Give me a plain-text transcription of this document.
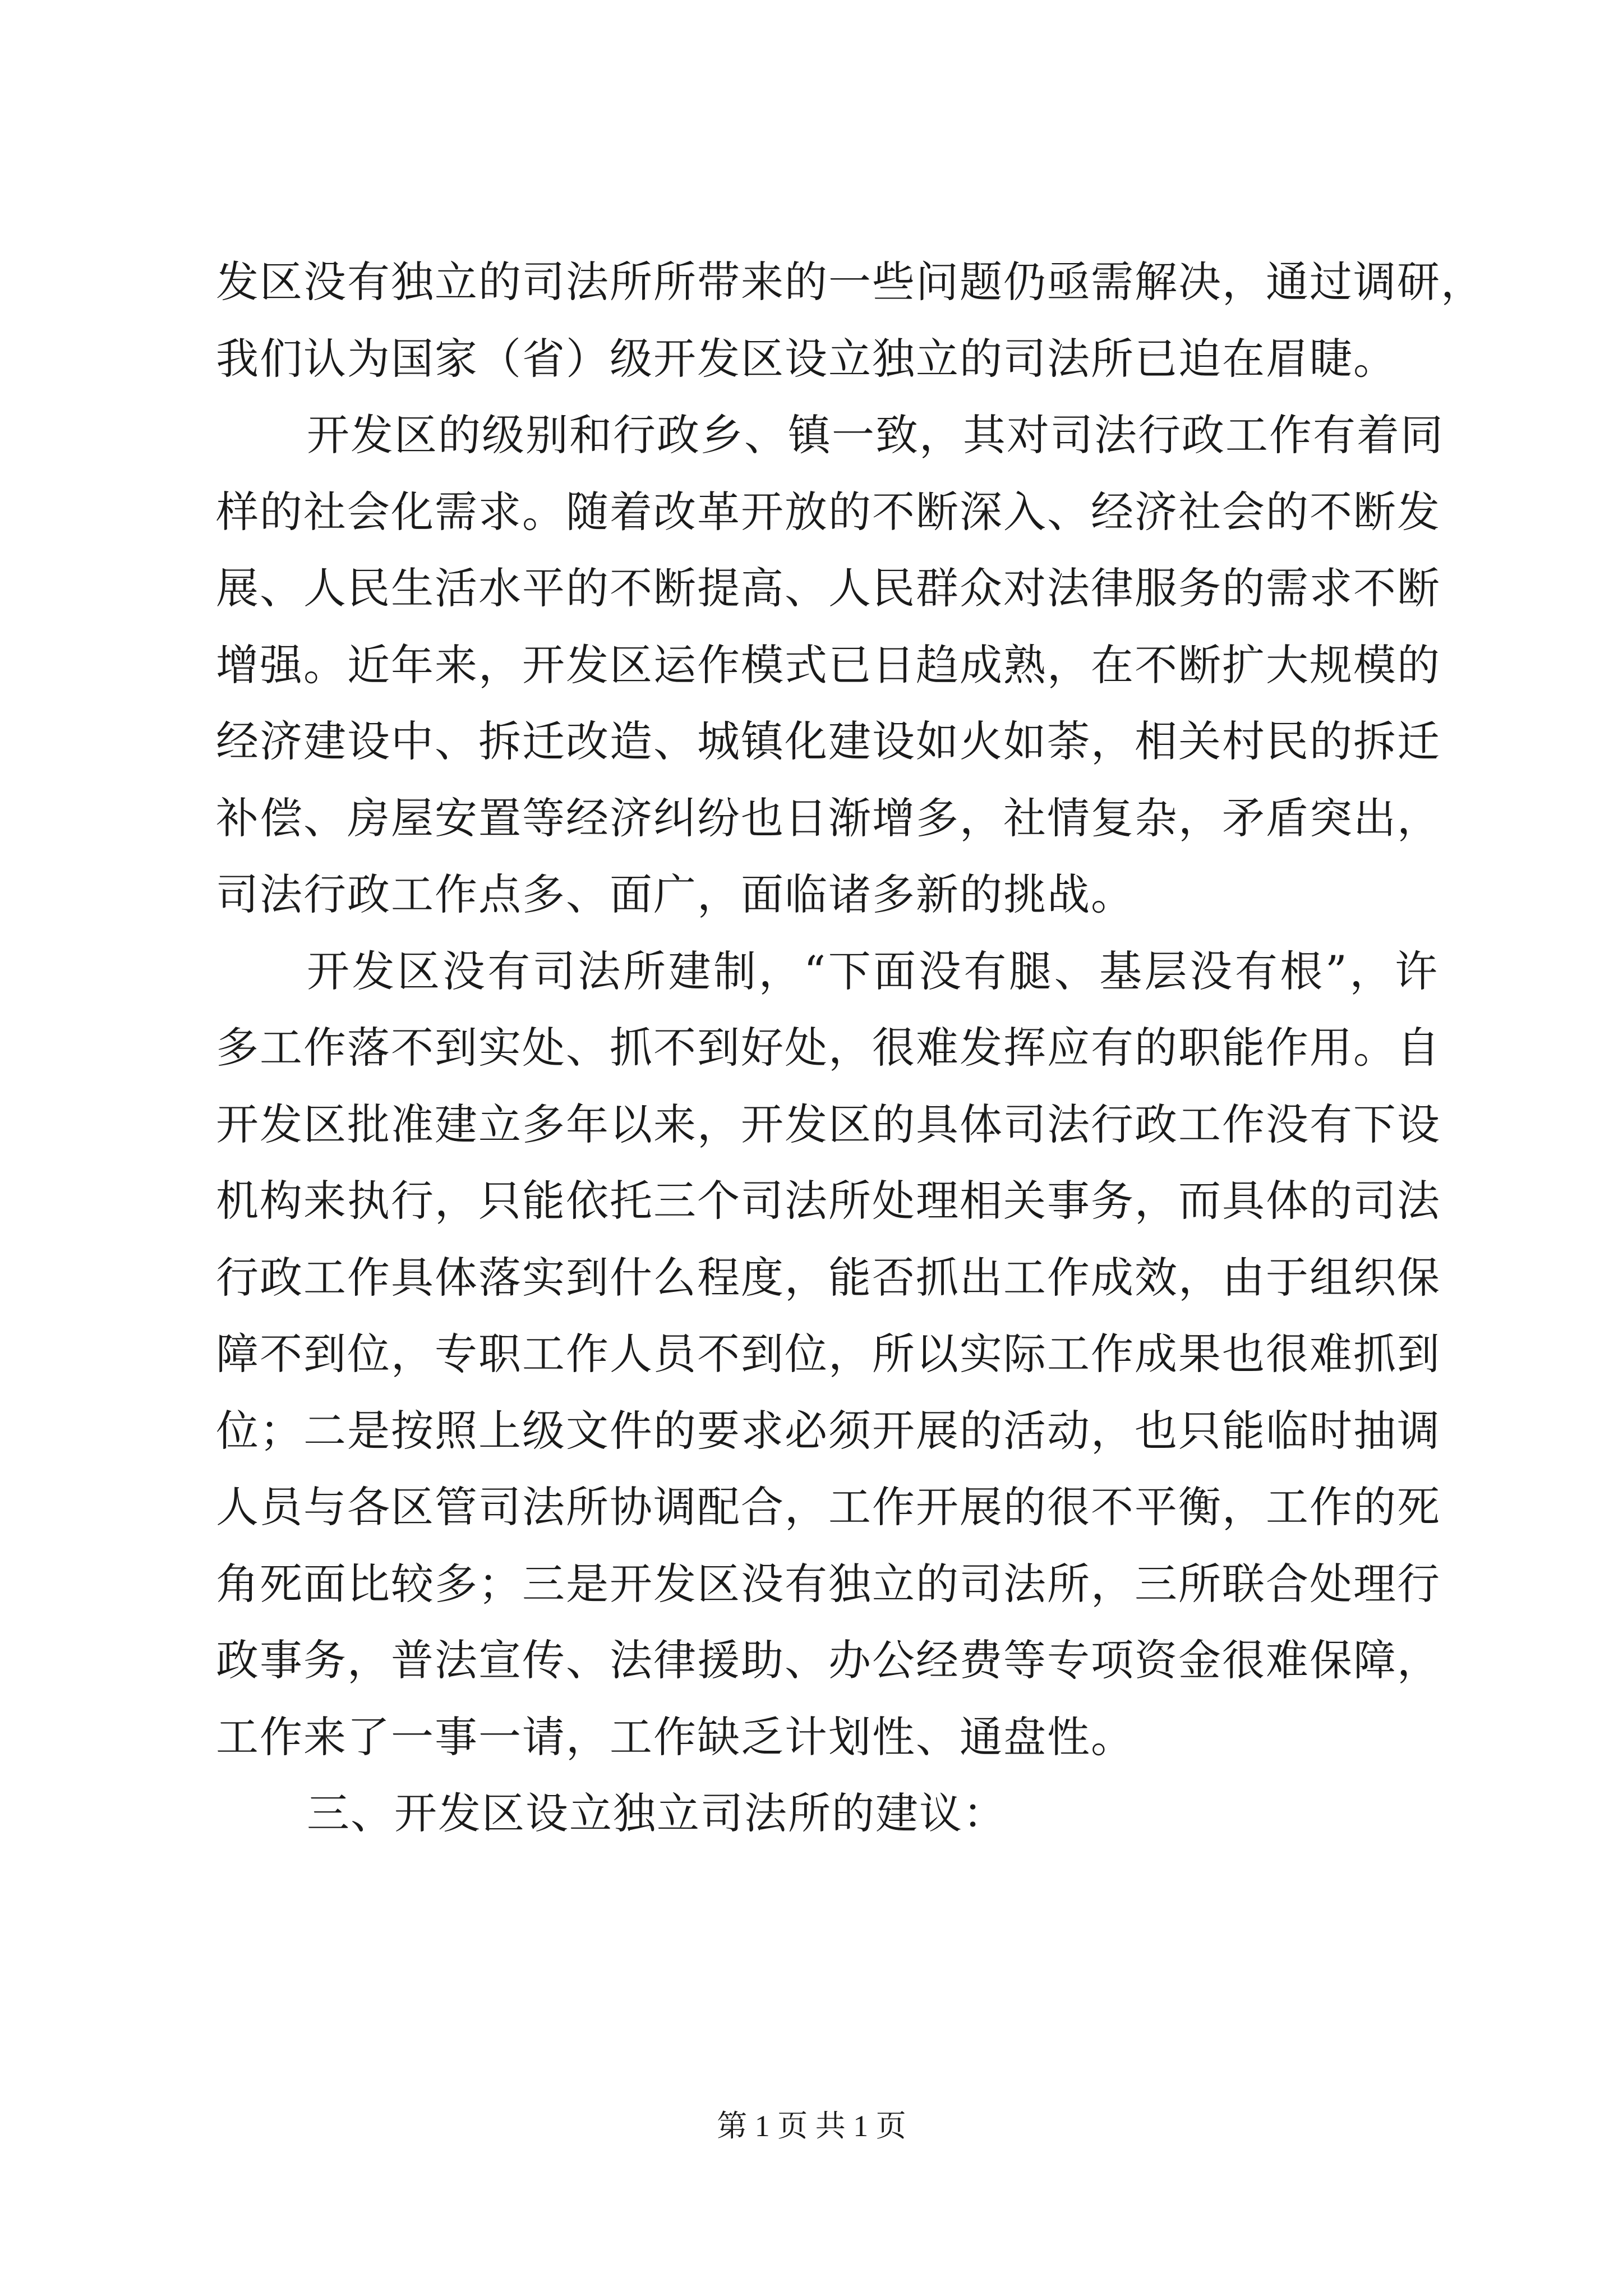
发区没有独立的司法所所带来的一些问题仍亟需解决，通过调研，
我们认为国家（省）级开发区设立独立的司法所已迫在眉睫。
开发区的级别和行政乡、镇一致，其对司法行政工作有着同
样的社会化需求。随着改革开放的不断深入、经济社会的不断发
展、人民生活水平的不断提高、人民群众对法律服务的需求不断
增强。近年来，开发区运作模式已日趋成熟，在不断扩大规模的
经济建设中、拆迁改造、城镇化建设如火如荼，相关村民的拆迁
补偿、房屋安置等经济纠纷也日渐增多，社情复杂，矛盾突出，
司法行政工作点多、面广，面临诸多新的挑战。
开发区没有司法所建制，“下面没有腿、基层没有根”，许
多工作落不到实处、抓不到好处，很难发挥应有的职能作用。自
开发区批准建立多年以来，开发区的具体司法行政工作没有下设
机构来执行，只能依托三个司法所处理相关事务，而具体的司法
行政工作具体落实到什么程度，能否抓出工作成效，由于组织保
障不到位，专职工作人员不到位，所以实际工作成果也很难抓到
位；二是按照上级文件的要求必须开展的活动，也只能临时抽调
人员与各区管司法所协调配合，工作开展的很不平衡，工作的死
角死面比较多；三是开发区没有独立的司法所，三所联合处理行
政事务，普法宣传、法律援助、办公经费等专项资金很难保障，
工作来了一事一请，工作缺乏计划性、通盘性。
三、开发区设立独立司法所的建议：
第 1 页 共 1 页
